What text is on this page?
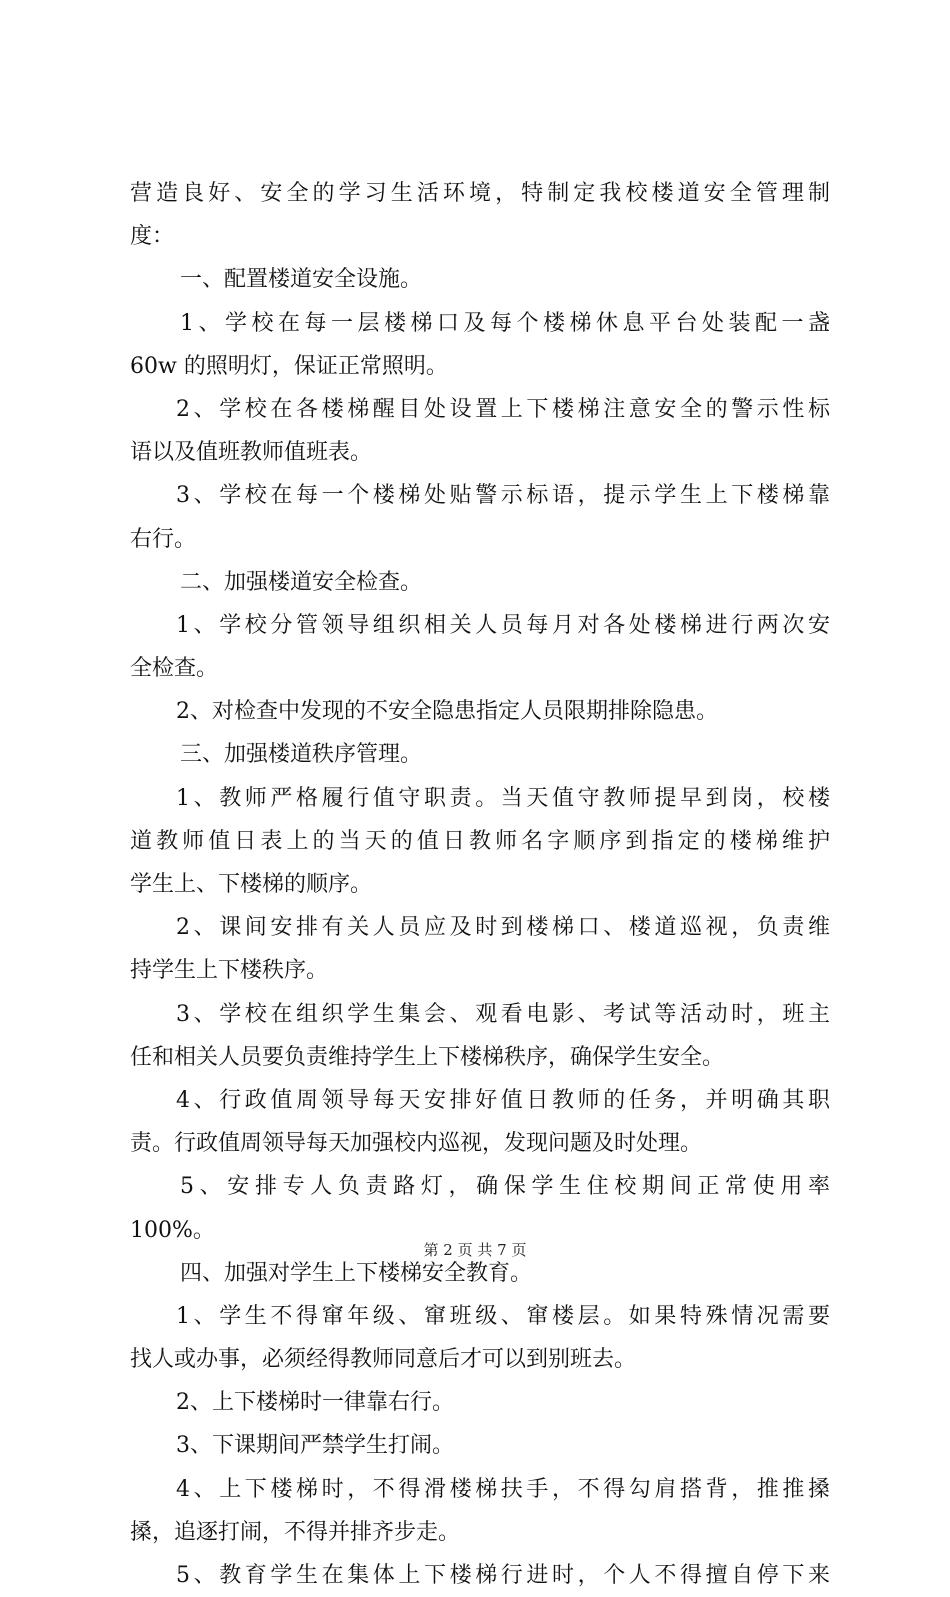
营造良好、安全的学习生活环境，特制定我校楼道安全管理制
度：
一、配置楼道安全设施。
1、学校在每一层楼梯口及每个楼梯休息平台处装配一盏
60w 的照明灯，保证正常照明。
2、学校在各楼梯醒目处设置上下楼梯注意安全的警示性标
语以及值班教师值班表。
3、学校在每一个楼梯处贴警示标语，提示学生上下楼梯靠
右行。
二、加强楼道安全检查。
1、学校分管领导组织相关人员每月对各处楼梯进行两次安
全检查。
2、对检查中发现的不安全隐患指定人员限期排除隐患。
三、加强楼道秩序管理。
1、教师严格履行值守职责。当天值守教师提早到岗，校楼
道教师值日表上的当天的值日教师名字顺序到指定的楼梯维护
学生上、下楼梯的顺序。
2、课间安排有关人员应及时到楼梯口、楼道巡视，负责维
持学生上下楼秩序。
3、学校在组织学生集会、观看电影、考试等活动时，班主
任和相关人员要负责维持学生上下楼梯秩序，确保学生安全。
4、行政值周领导每天安排好值日教师的任务，并明确其职
责。行政值周领导每天加强校内巡视，发现问题及时处理。
5、安排专人负责路灯，确保学生住校期间正常使用率
100%。
四、加强对学生上下楼梯安全教育。
1、学生不得窜年级、窜班级、窜楼层。如果特殊情况需要
找人或办事，必须经得教师同意后才可以到别班去。
2、上下楼梯时一律靠右行。
3、下课期间严禁学生打闹。
4、上下楼梯时，不得滑楼梯扶手，不得勾肩搭背，推推搡
搡，追逐打闹，不得并排齐步走。
5、教育学生在集体上下楼梯行进时，个人不得擅自停下来
第 2 页 共 7 页
